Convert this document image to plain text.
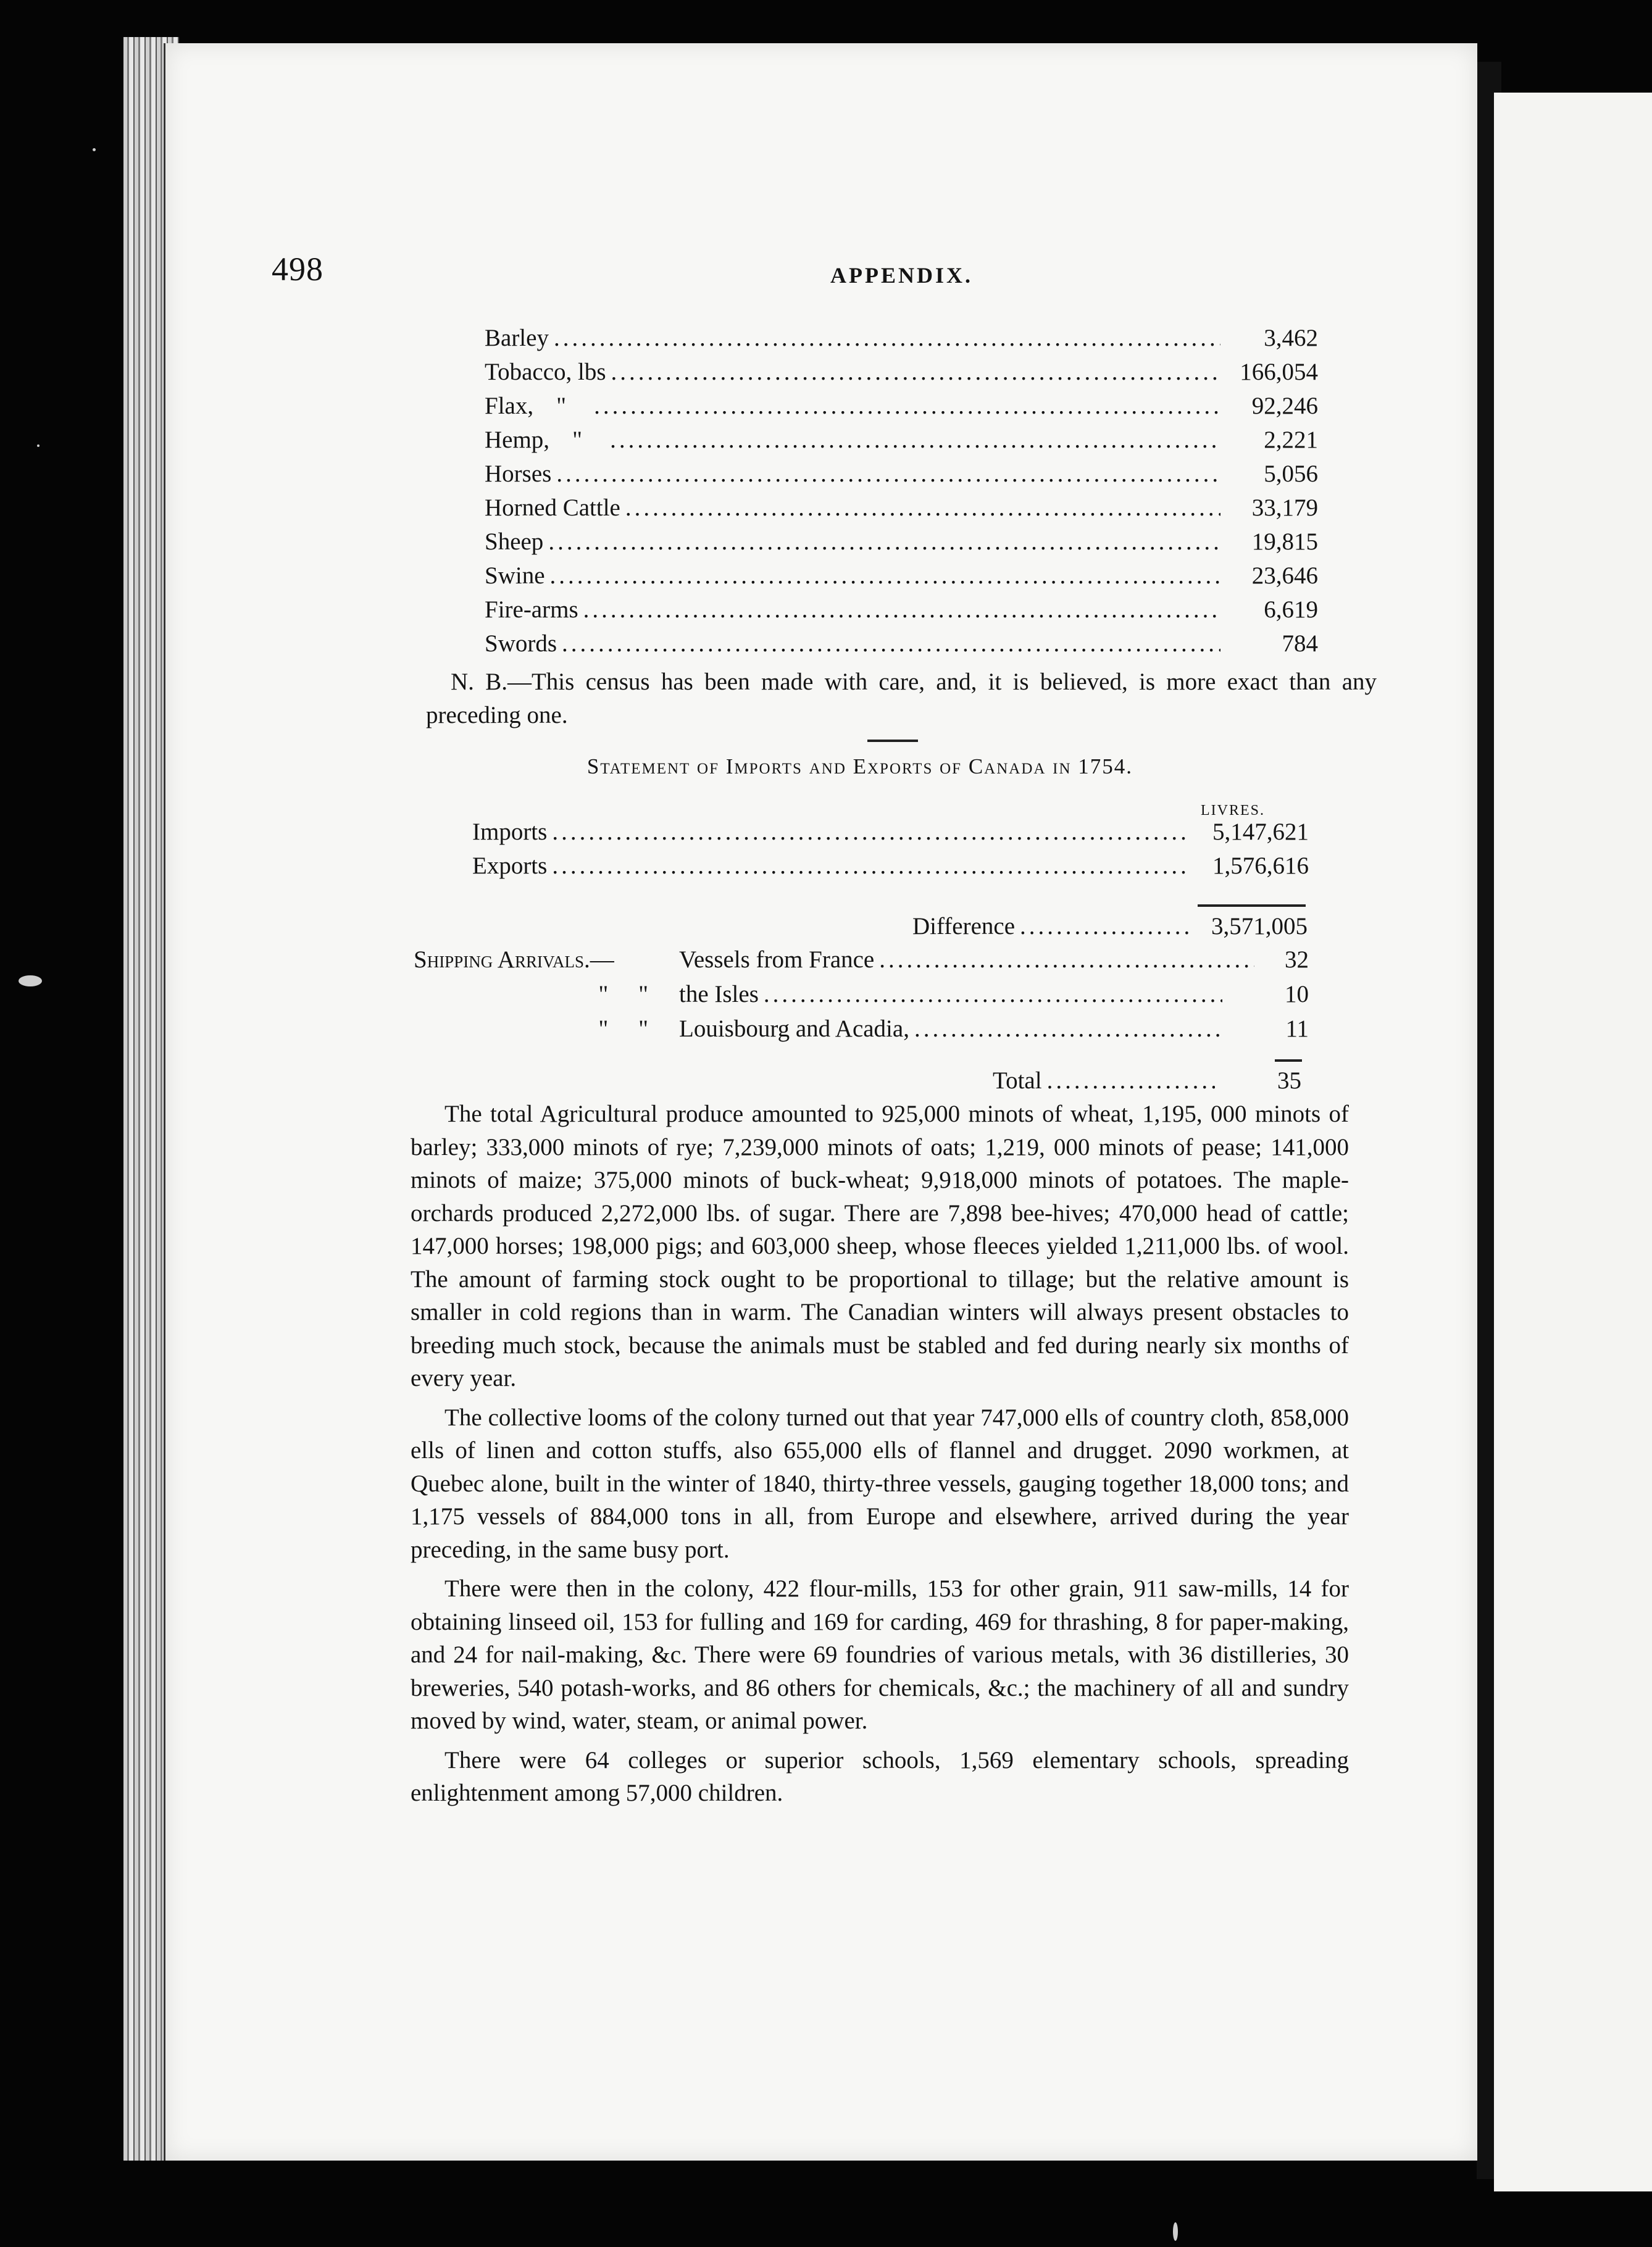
498	APPENDIX.
Barley .....	3,462
Tobacco, lbs .....	166,054
Flax, " .....	92,246
Hemp, " .....	2,221
Horses .....	5,056
Horned Cattle .....	33,179
Sheep .....	19,815
Swine .....	23,646
Fire-arms .....	6,619
Swords .....	784

N. B.—This census has been made with care, and, it is believed, is more exact than any preceding one.

Statement of Imports and Exports of Canada in 1754.
LIVRES.
Imports .....	5,147,621
Exports .....	1,576,616
Difference .....	3,571,005
Shipping Arrivals.—	Vessels from France .....	32
"     "	the Isles .....	10
"     "	Louisbourg and Acadia, .....	11
Total .....	35

The total Agricultural produce amounted to 925,000 minots of wheat, 1,195, 000 minots of barley; 333,000 minots of rye; 7,239,000 minots of oats; 1,219, 000 minots of pease; 141,000 minots of maize; 375,000 minots of buck-wheat; 9,918,000 minots of potatoes. The maple-orchards produced 2,272,000 lbs. of sugar. There are 7,898 bee-hives; 470,000 head of cattle; 147,000 horses; 198,000 pigs; and 603,000 sheep, whose fleeces yielded 1,211,000 lbs. of wool. The amount of farming stock ought to be proportional to tillage; but the relative amount is smaller in cold regions than in warm. The Canadian winters will always present obstacles to breeding much stock, because the animals must be stabled and fed during nearly six months of every year.

The collective looms of the colony turned out that year 747,000 ells of country cloth, 858,000 ells of linen and cotton stuffs, also 655,000 ells of flannel and drugget. 2090 workmen, at Quebec alone, built in the winter of 1840, thirty-three vessels, gauging together 18,000 tons; and 1,175 vessels of 884,000 tons in all, from Europe and elsewhere, arrived during the year preceding, in the same busy port.

There were then in the colony, 422 flour-mills, 153 for other grain, 911 saw-mills, 14 for obtaining linseed oil, 153 for fulling and 169 for carding, 469 for thrashing, 8 for paper-making, and 24 for nail-making, &c. There were 69 foundries of various metals, with 36 distilleries, 30 breweries, 540 potash-works, and 86 others for chemicals, &c.; the machinery of all and sundry moved by wind, water, steam, or animal power.

There were 64 colleges or superior schools, 1,569 elementary schools, spreading enlightenment among 57,000 children.
